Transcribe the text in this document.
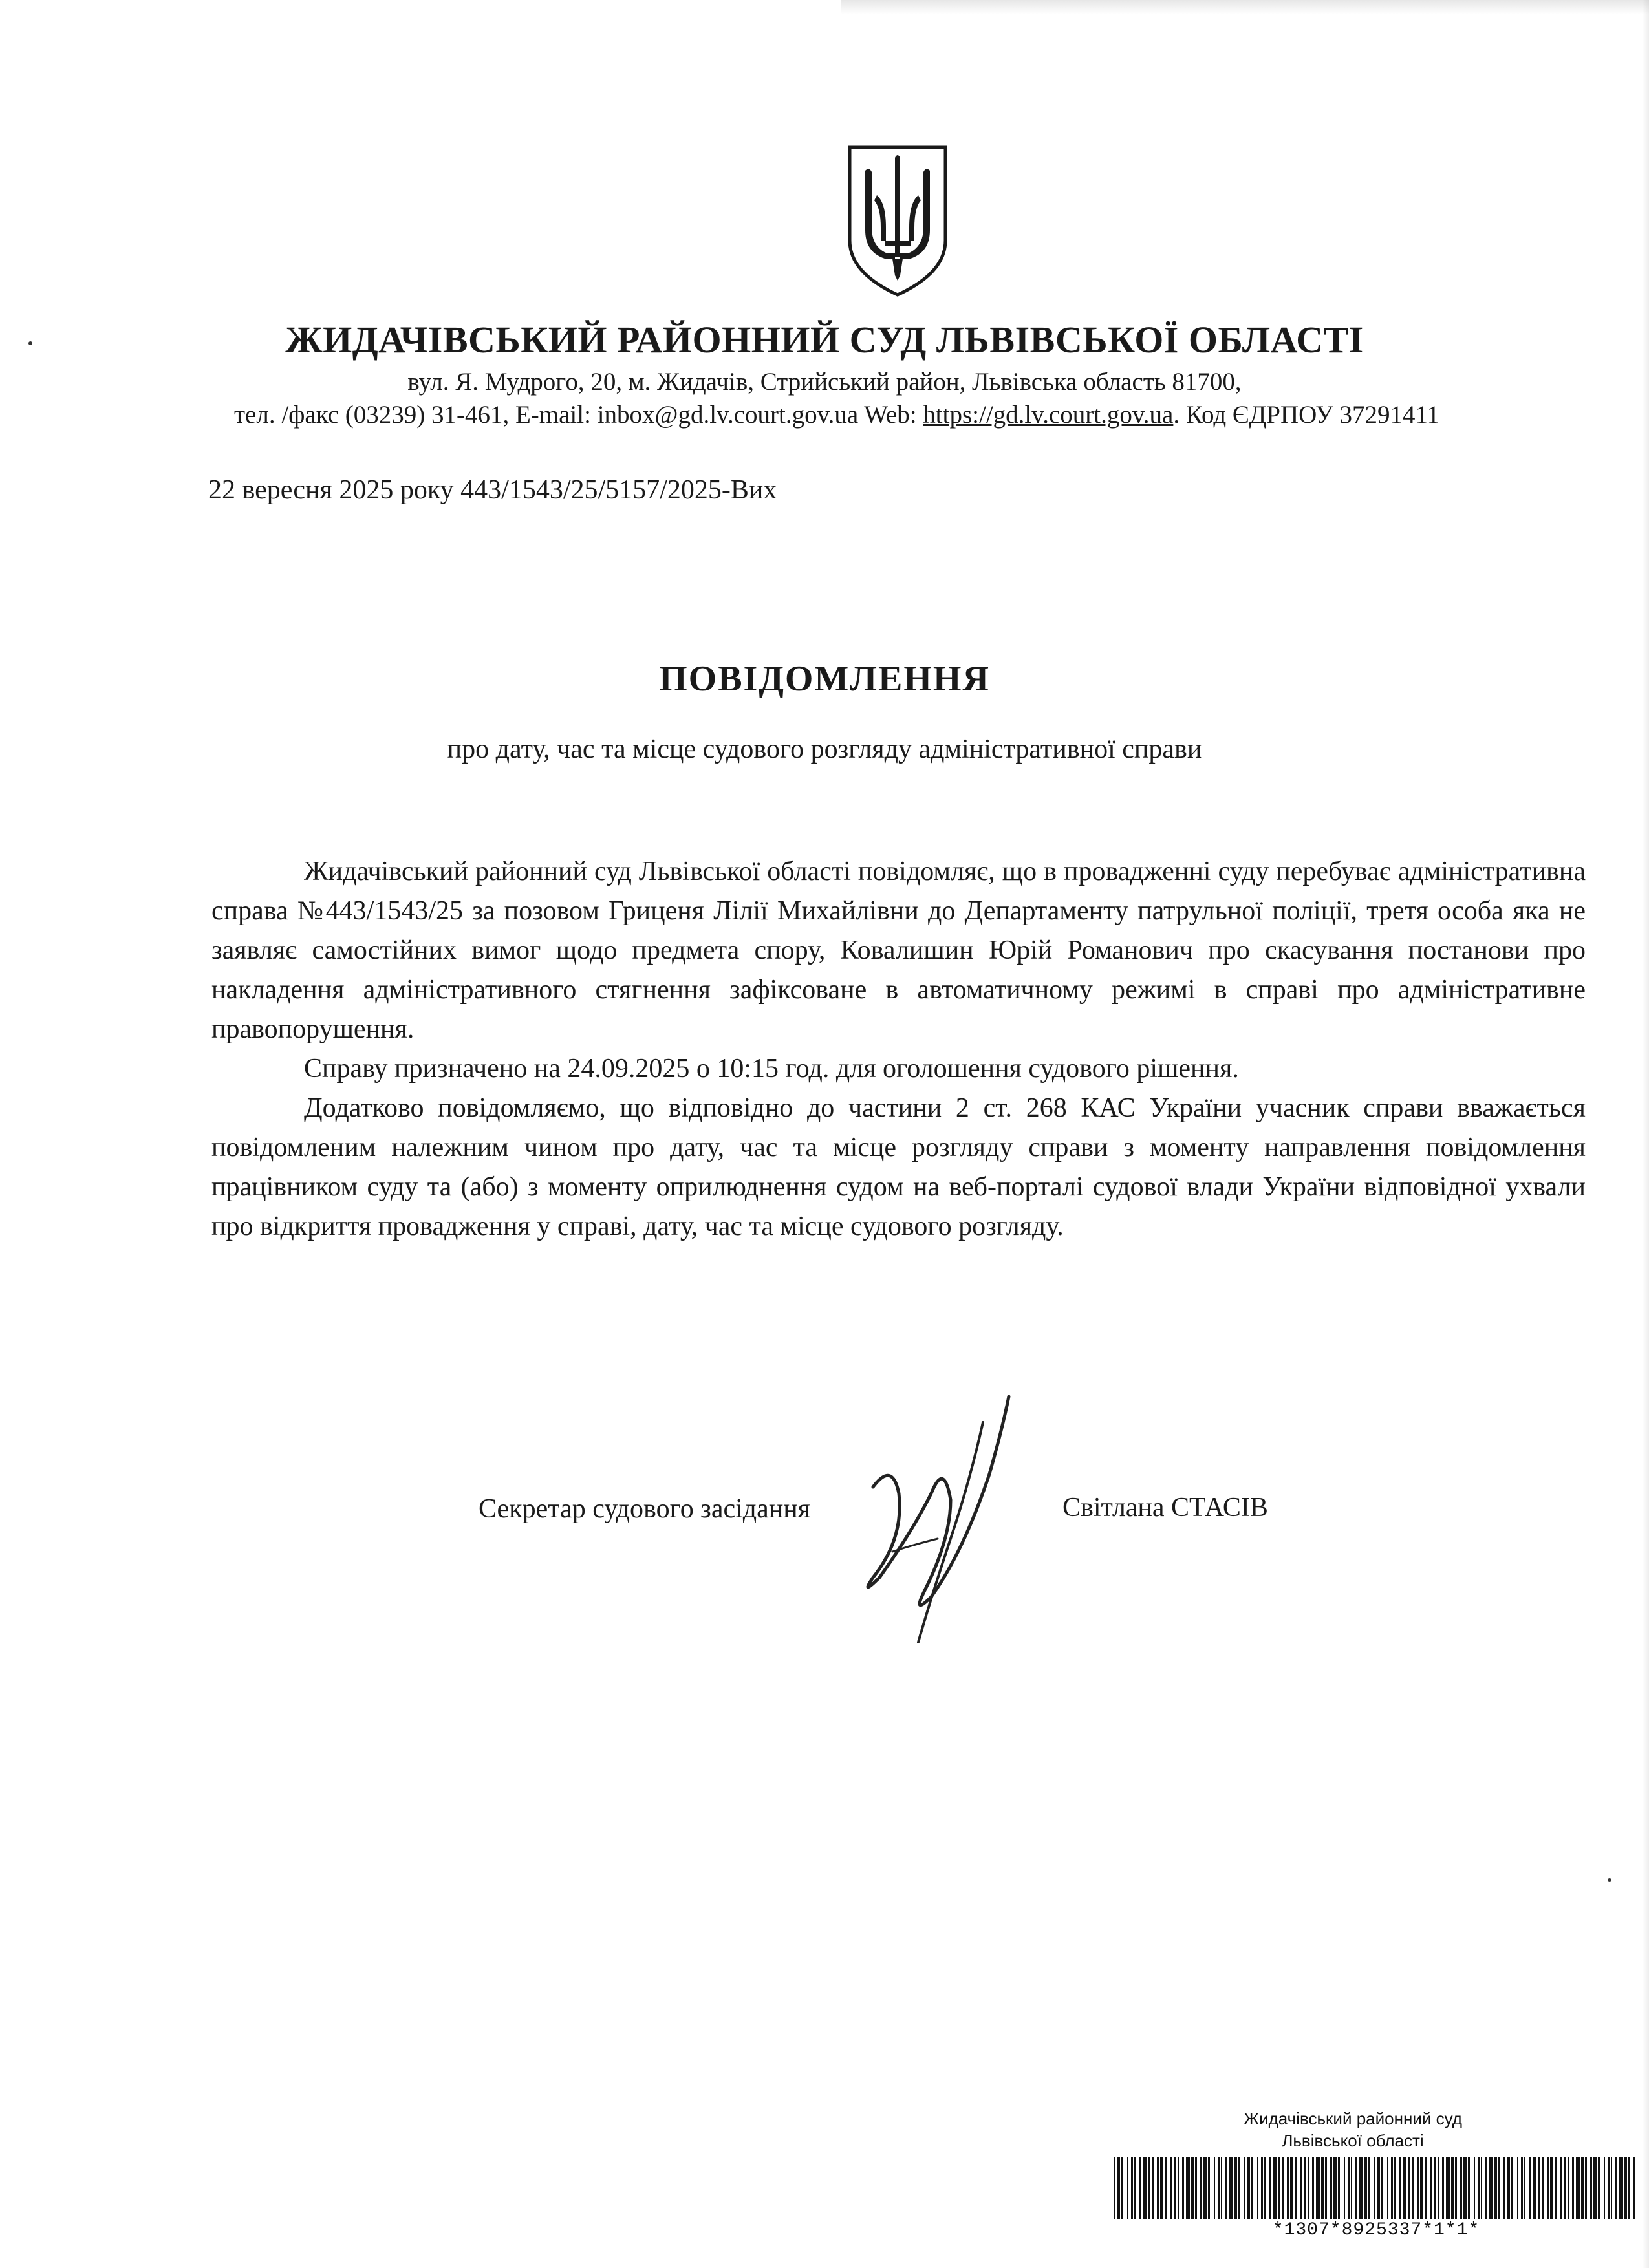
ЖИДАЧІВСЬКИЙ РАЙОННИЙ СУД ЛЬВІВСЬКОЇ ОБЛАСТІ
вул. Я. Мудрого, 20, м. Жидачів, Стрийський район, Львівська область 81700,
тел. /факс (03239) 31-461, E-mail: inbox@gd.lv.court.gov.ua Web: https://gd.lv.court.gov.ua. Код ЄДРПОУ 37291411
22 вересня 2025 року 443/1543/25/5157/2025-Вих
ПОВІДОМЛЕННЯ
про дату, час та місце судового розгляду адміністративної справи

Жидачівський районний суд Львівської області повідомляє, що в провадженні суду перебуває адміністративна справа №443/1543/25 за позовом Гриценя Лілії Михайлівни до Департаменту патрульної поліції, третя особа яка не заявляє самостійних вимог щодо предмета спору, Ковалишин Юрій Романович про скасування постанови про накладення адміністративного стягнення зафіксоване в автоматичному режимі в справі про адміністративне правопорушення.

Справу призначено на 24.09.2025 о 10:15 год. для оголошення судового рішення.

Додатково повідомляємо, що відповідно до частини 2 ст. 268 КАС України учасник справи вважається повідомленим належним чином про дату, час та місце розгляду справи з моменту направлення повідомлення працівником суду та (або) з моменту оприлюднення судом на веб-порталі судової влади України відповідної ухвали про відкриття провадження у справі, дату, час та місце судового розгляду.

Секретар судового засідання	Світлана СТАСІВ
Жидачівський районний суд
Львівської області
*1307*8925337*1*1*
